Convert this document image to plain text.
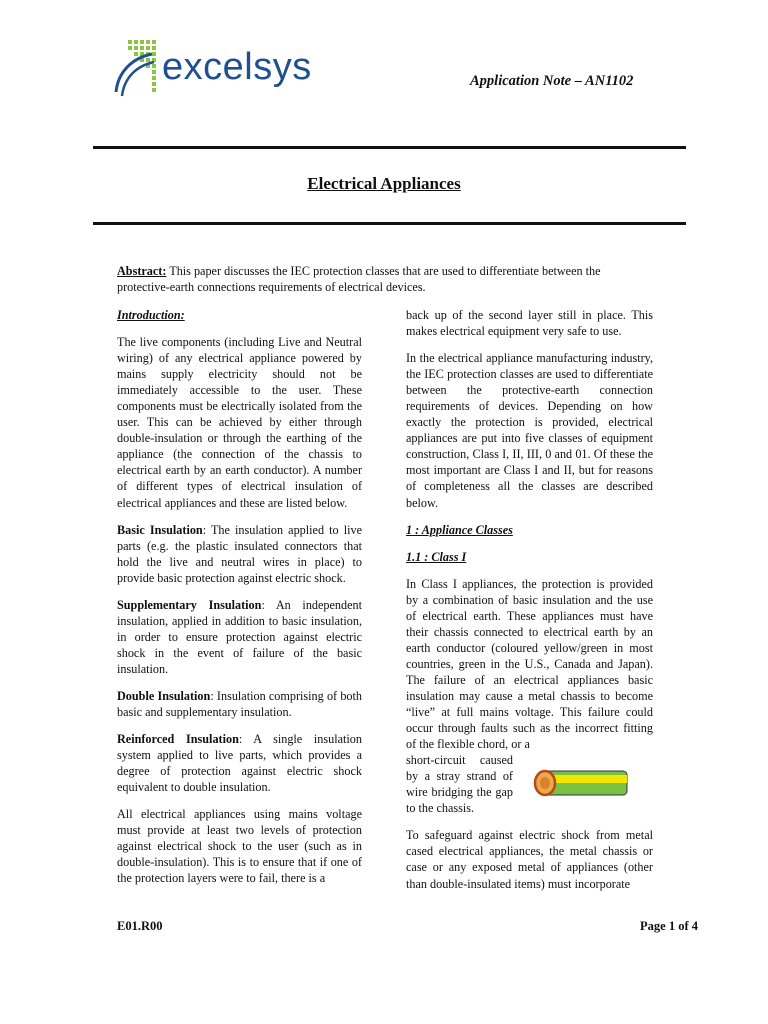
excelsys	Application Note – AN1102
Electrical Appliances
Abstract: This paper discusses the IEC protection classes that are used to differentiate between the protective-earth connections requirements of electrical devices.

Introduction:

The live components (including Live and Neutral wiring) of any electrical appliance powered by mains supply electricity should not be immediately accessible to the user. These components must be electrically isolated from the user. This can be achieved by either through double-insulation or through the earthing of the appliance (the connection of the chassis to electrical earth by an earth conductor). A number of different types of electrical insulation of electrical appliances and these are listed below.

Basic Insulation: The insulation applied to live parts (e.g. the plastic insulated connectors that hold the live and neutral wires in place) to provide basic protection against electric shock.

Supplementary Insulation: An independent insulation, applied in addition to basic insulation, in order to ensure protection against electric shock in the event of failure of the basic insulation.

Double Insulation: Insulation comprising of both basic and supplementary insulation.

Reinforced Insulation: A single insulation system applied to live parts, which provides a degree of protection against electric shock equivalent to double insulation.

All electrical appliances using mains voltage must provide at least two levels of protection against electrical shock to the user (such as in double-insulation). This is to ensure that if one of the protection layers were to fail, there is a

back up of the second layer still in place. This makes electrical equipment very safe to use.

In the electrical appliance manufacturing industry, the IEC protection classes are used to differentiate between the protective-earth connection requirements of devices. Depending on how exactly the protection is provided, electrical appliances are put into five classes of equipment construction, Class I, II, III, 0 and 01. Of these the most important are Class I and II, but for reasons of completeness all the classes are described below.

1 : Appliance Classes

1.1 : Class I

In Class I appliances, the protection is provided by a combination of basic insulation and the use of electrical earth. These appliances must have their chassis connected to electrical earth by an earth conductor (coloured yellow/green in most countries, green in the U.S., Canada and Japan). The failure of an electrical appliances basic insulation may cause a metal chassis to become “live” at full mains voltage. This failure could occur through faults such as the incorrect fitting of the flexible chord, or a

short-circuit caused by a stray strand of wire bridging the gap to the chassis.

To safeguard against electric shock from metal cased electrical appliances, the metal chassis or case or any exposed metal of appliances (other than double-insulated items) must incorporate

E01.R00	Page 1 of 4
